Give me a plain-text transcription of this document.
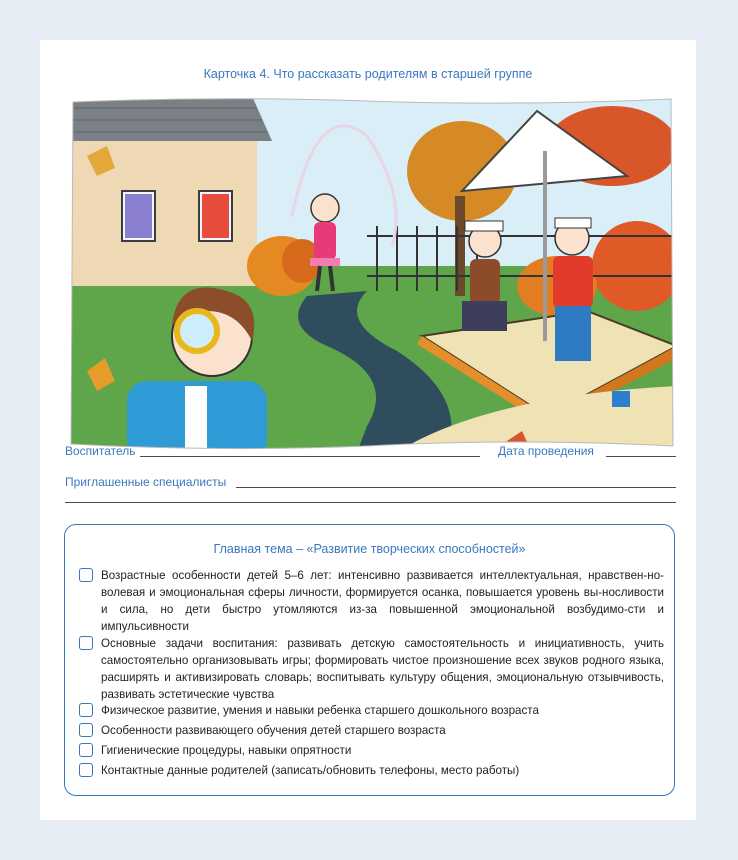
Карточка 4. Что рассказать родителям в старшей группе
Воспитатель	Дата проведения
Приглашенные специалисты
Главная тема – «Развитие творческих способностей»
Возрастные особенности детей 5–6 лет: интенсивно развивается интеллектуальная, нравствен-но-волевая и эмоциональная сферы личности, формируется осанка, повышается уровень вы-носливости и сила, но дети быстро утомляются из-за повышенной эмоциональной возбудимо-сти и импульсивности
Основные задачи воспитания: развивать детскую самостоятельность и инициативность, учить самостоятельно организовывать игры; формировать чистое произношение всех звуков родного языка, расширять и активизировать словарь; воспитывать культуру общения, эмоциональную отзывчивость, развивать эстетические чувства
Физическое развитие, умения и навыки ребенка старшего дошкольного возраста
Особенности развивающего обучения детей старшего возраста
Гигиенические процедуры, навыки опрятности
Контактные данные родителей (записать/обновить телефоны, место работы)
